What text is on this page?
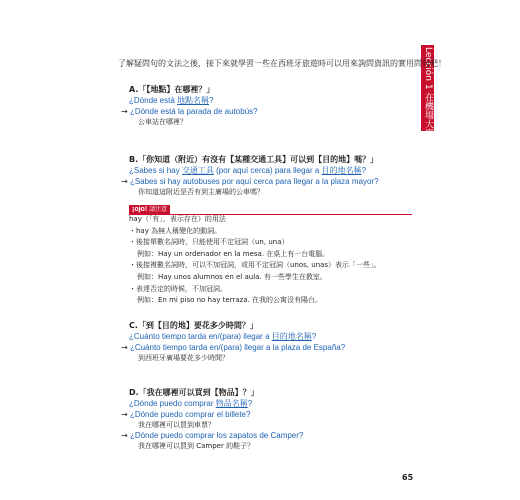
Lección 1 在機場大廳
了解疑問句的文法之後，接下來就學習一些在西班牙旅遊時可以用來詢問資訊的實用問句吧！
A.「【地點】在哪裡？」
¿Dónde está 地點名稱?
→ ¿Dónde está la parada de autobús?
公車站在哪裡？
B.「你知道（附近）有沒有【某種交通工具】可以到【目的地】嗎？」
¿Sabes si hay 交通工具 (por aquí cerca) para llegar a 目的地名稱?
→ ¿Sabes si hay autobuses por aquí cerca para llegar a la plaza mayor?
你知道這附近是否有到主廣場的公車嗎？
¡ojo! 請注意
hay（「有」，表示存在）的用法
・hay 為無人稱變化的動詞。
・後接單數名詞時，只能使用不定冠詞（un, una）
例如：Hay un ordenador en la mesa. 在桌上有一台電腦。
・後接複數名詞時，可以不加冠詞，或用不定冠詞（unos, unas）表示「一些」。
例如：Hay unos alumnos en el aula. 有一些學生在教室。
・表達否定的時候，不加冠詞。
例如：En mi piso no hay terraza. 在我的公寓沒有陽台。
C.「到【目的地】要花多少時間？」
¿Cuánto tiempo tarda en/(para) llegar a 目的地名稱?
→ ¿Cuánto tiempo tarda en/(para) llegar a la plaza de España?
到西班牙廣場要花多少時間？
D.「我在哪裡可以買到【物品】？」
¿Dónde puedo comprar 物品名稱?
→ ¿Dónde puedo comprar el billete?
我在哪裡可以買到車票？
→ ¿Dónde puedo comprar los zapatos de Camper?
我在哪裡可以買到 Camper 的鞋子？
65
